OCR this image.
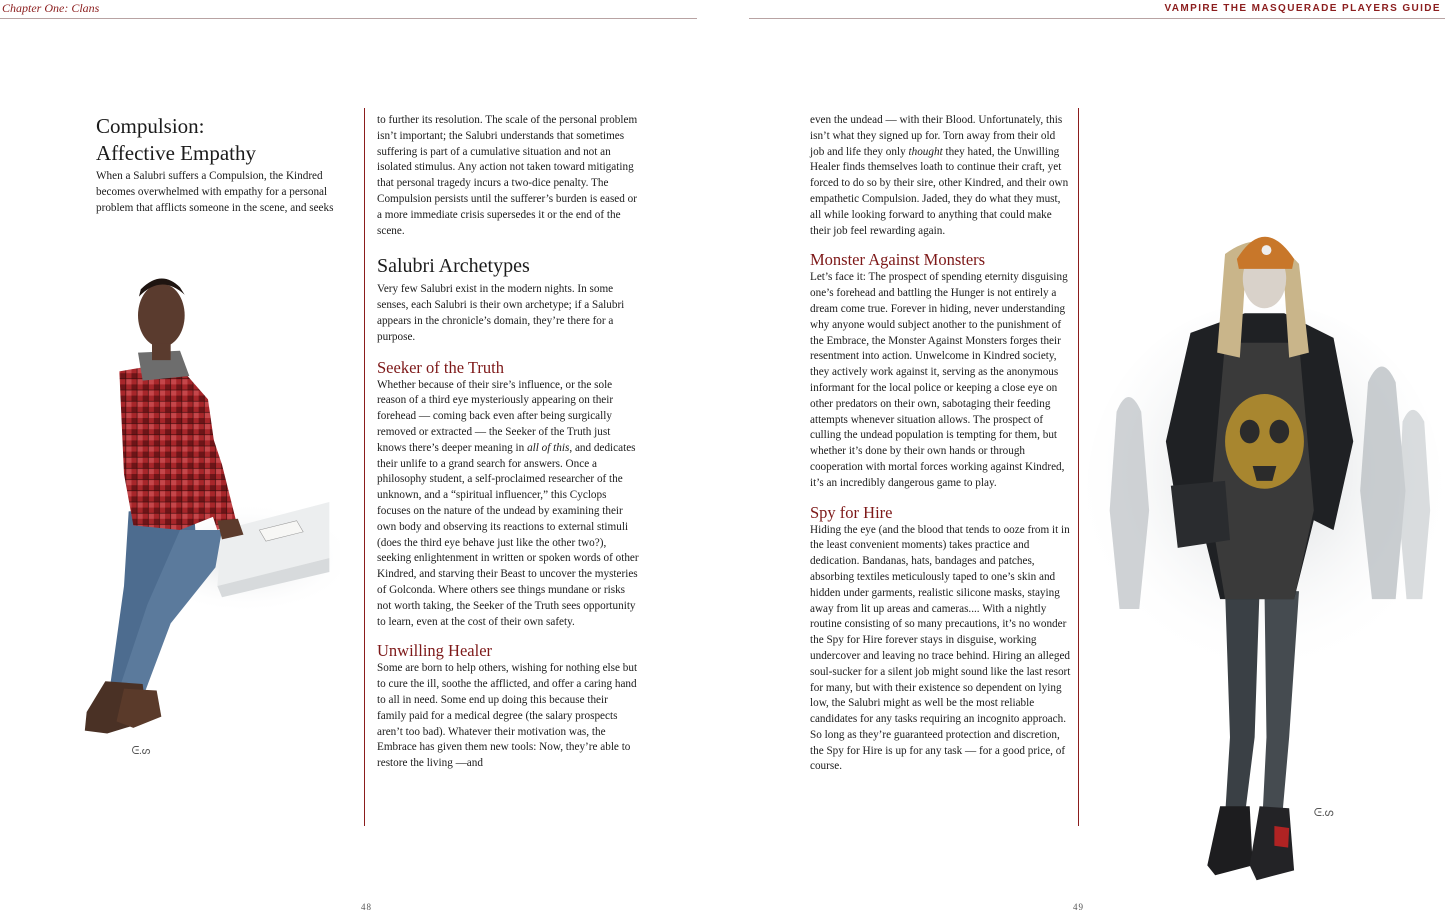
Chapter One: Clans
Compulsion:
Affective Empathy

When a Salubri suffers a Compulsion, the Kindred becomes overwhelmed with empathy for a personal problem that afflicts someone in the scene, and seeks

ᕮ.ᔕ

to further its resolution. The scale of the personal problem isn’t important; the Salubri understands that sometimes suffering is part of a cumulative situation and not an isolated stimulus. Any action not taken toward mitigating that personal tragedy incurs a two-dice penalty. The Compulsion persists until the sufferer’s burden is eased or a more immediate crisis supersedes it or the end of the scene.

Salubri Archetypes

Very few Salubri exist in the modern nights. In some senses, each Salubri is their own archetype; if a Salubri appears in the chronicle’s domain, they’re there for a purpose.

Seeker of the Truth

Whether because of their sire’s influence, or the sole reason of a third eye mysteriously appearing on their forehead — coming back even after being surgically removed or extracted — the Seeker of the Truth just knows there’s deeper meaning in all of this, and dedicates their unlife to a grand search for answers. Once a philosophy student, a self-proclaimed researcher of the unknown, and a “spiritual influencer,” this Cyclops focuses on the nature of the undead by examining their own body and observing its reactions to external stimuli (does the third eye behave just like the other two?), seeking enlightenment in written or spoken words of other Kindred, and starving their Beast to uncover the mysteries of Golconda. Where others see things mundane or risks not worth taking, the Seeker of the Truth sees opportunity to learn, even at the cost of their own safety.

Unwilling Healer

Some are born to help others, wishing for nothing else but to cure the ill, soothe the afflicted, and offer a caring hand to all in need. Some end up doing this because their family paid for a medical degree (the salary prospects aren’t too bad). Whatever their motivation was, the Embrace has given them new tools: Now, they’re able to restore the living —and

48
VAMPIRE THE MASQUERADE PLAYERS GUIDE

even the undead — with their Blood. Unfortunately, this isn’t what they signed up for. Torn away from their old job and life they only thought they hated, the Unwilling Healer finds themselves loath to continue their craft, yet forced to do so by their sire, other Kindred, and their own empathetic Compulsion. Jaded, they do what they must, all while looking forward to anything that could make their job feel rewarding again.

Monster Against Monsters

Let’s face it: The prospect of spending eternity disguising one’s forehead and battling the Hunger is not entirely a dream come true. Forever in hiding, never understanding why anyone would subject another to the punishment of the Embrace, the Monster Against Monsters forges their resentment into action. Unwelcome in Kindred society, they actively work against it, serving as the anonymous informant for the local police or keeping a close eye on other predators on their own, sabotaging their feeding attempts whenever situation allows. The prospect of culling the undead population is tempting for them, but whether it’s done by their own hands or through cooperation with mortal forces working against Kindred, it’s an incredibly dangerous game to play.

Spy for Hire

Hiding the eye (and the blood that tends to ooze from it in the least convenient moments) takes practice and dedication. Bandanas, hats, bandages and patches, absorbing textiles meticulously taped to one’s skin and hidden under garments, realistic silicone masks, staying away from lit up areas and cameras.... With a nightly routine consisting of so many precautions, it’s no wonder the Spy for Hire forever stays in disguise, working undercover and leaving no trace behind. Hiring an alleged soul-sucker for a silent job might sound like the last resort for many, but with their existence so dependent on lying low, the Salubri might as well be the most reliable candidates for any tasks requiring an incognito approach. So long as they’re guaranteed protection and discretion, the Spy for Hire is up for any task — for a good price, of course.

ᕮ.ᔕ
49
